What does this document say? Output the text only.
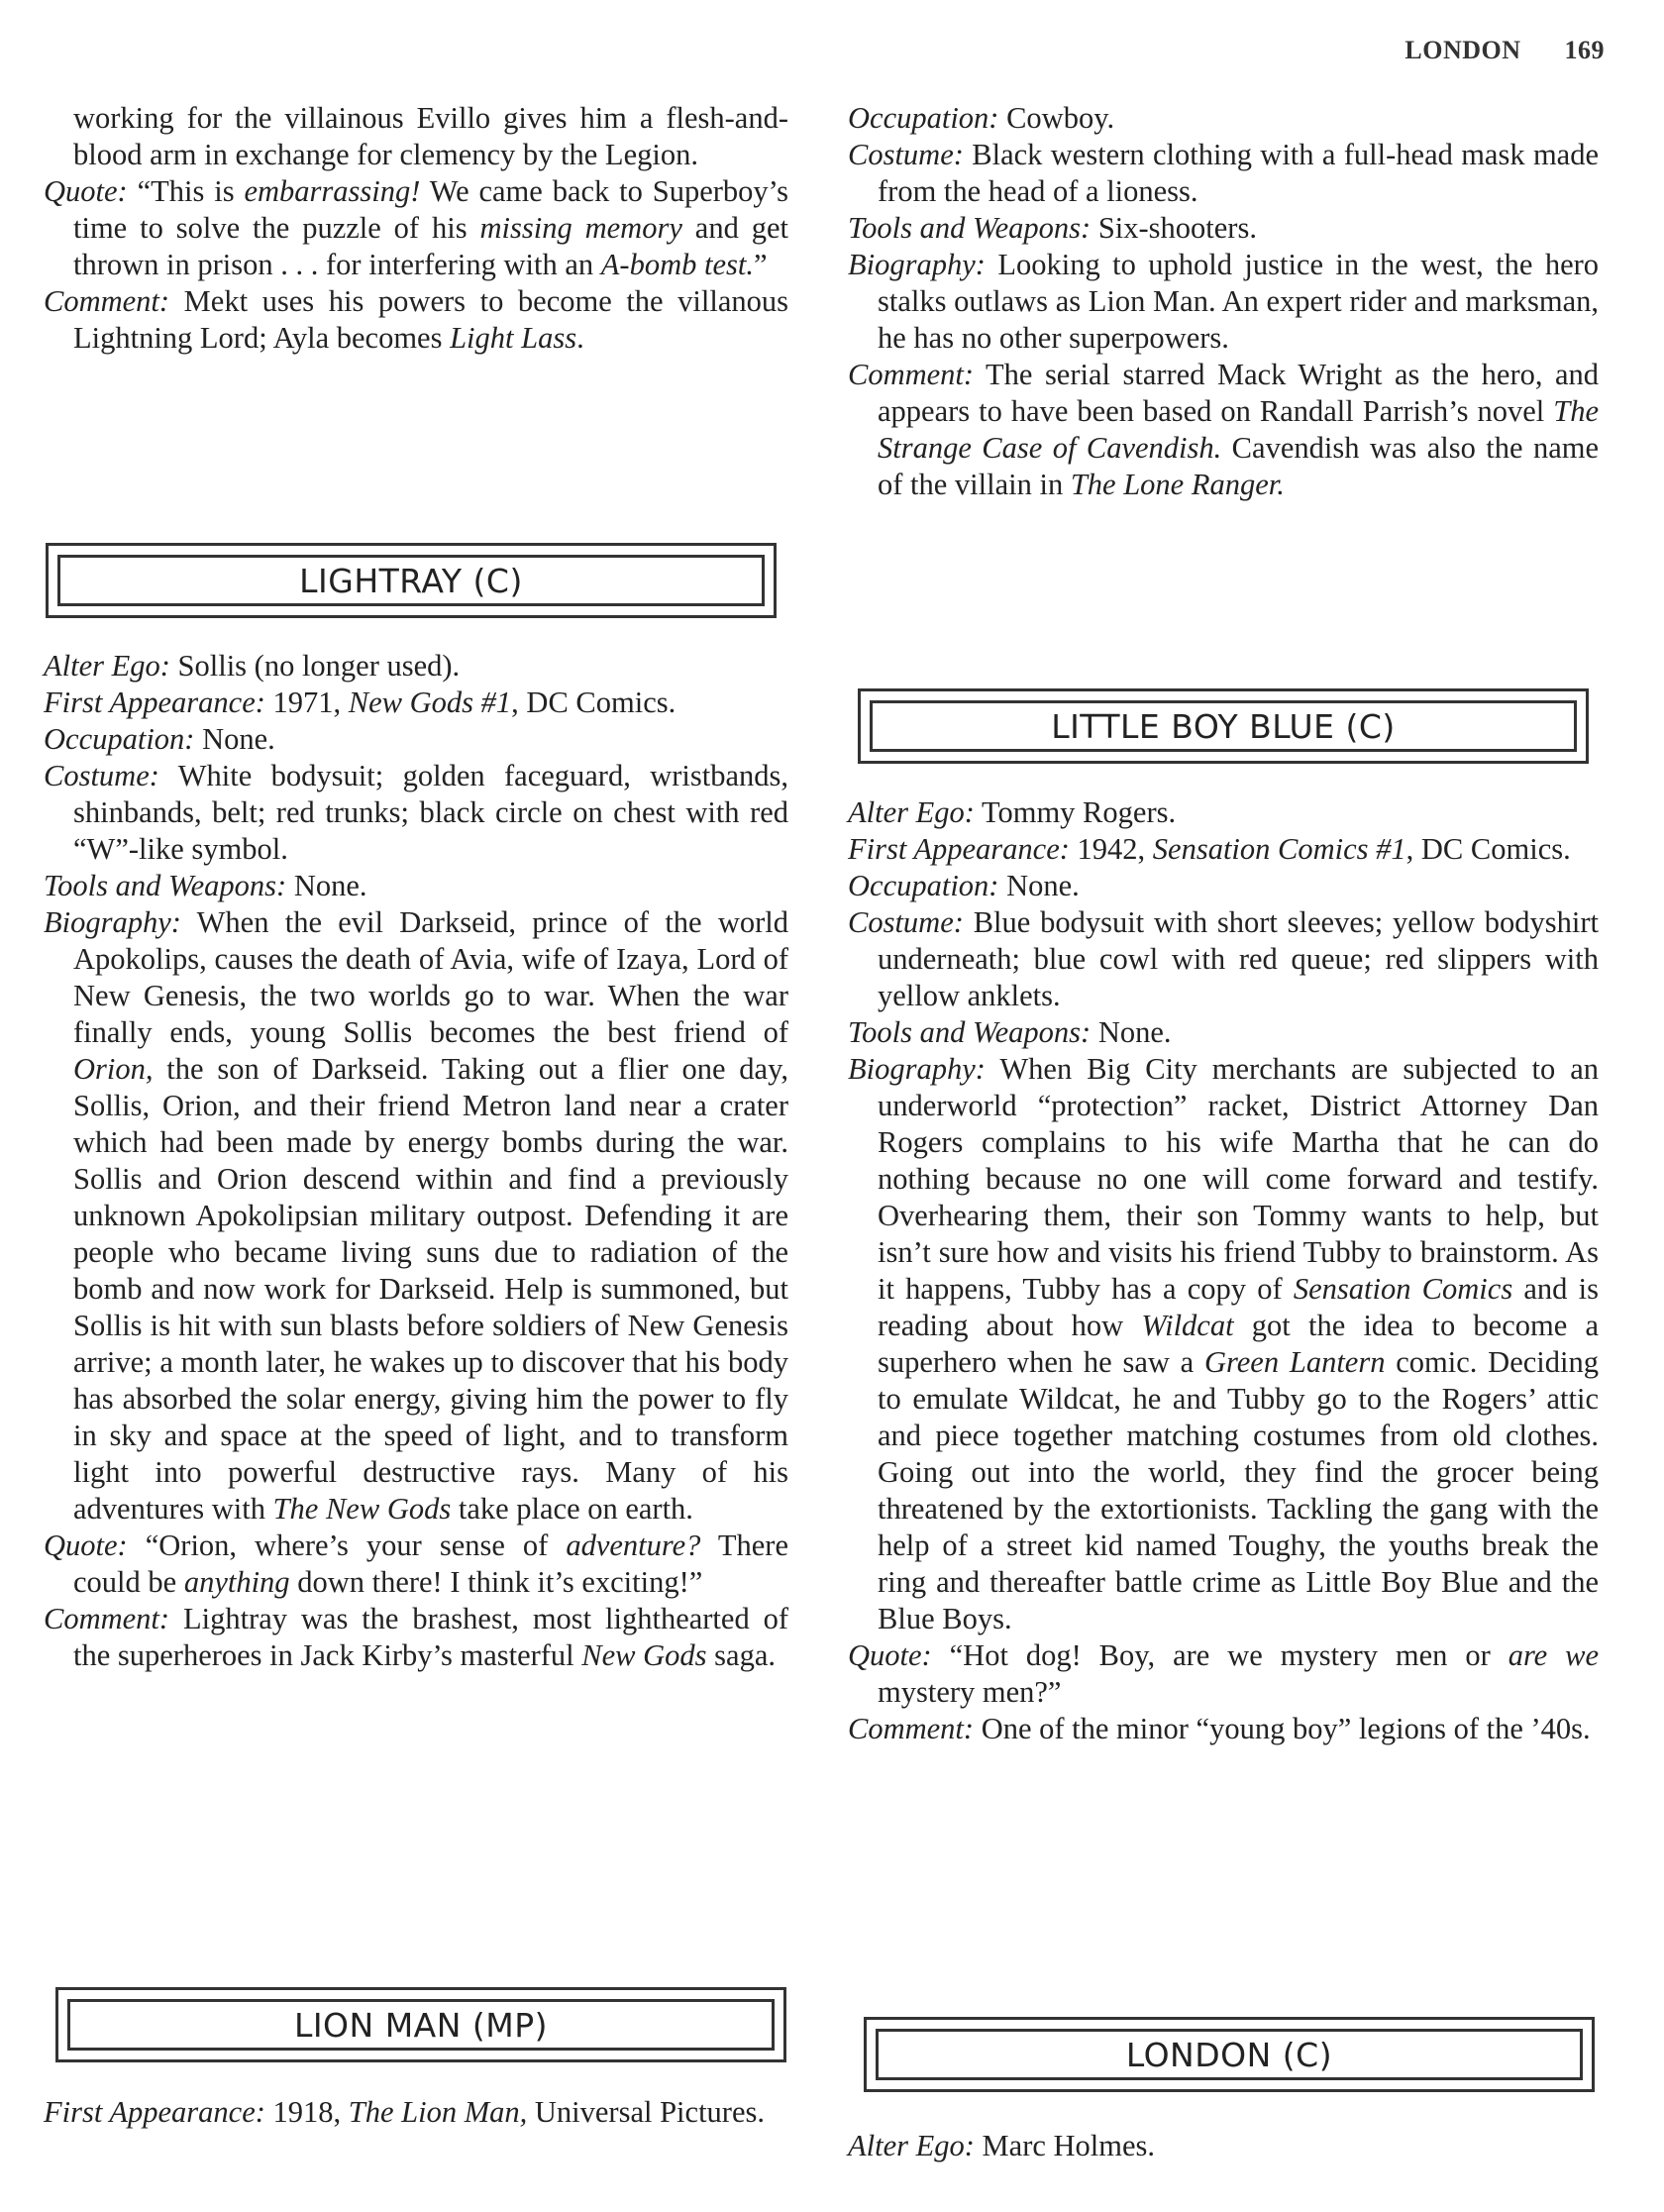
LONDON 169
working for the villainous Evillo gives him a flesh-and-blood arm in exchange for clemency by the Legion.
Quote: “This is embarrassing! We came back to Superboy’s time to solve the puzzle of his missing memory and get thrown in prison . . . for interfering with an A-bomb test.”
Comment: Mekt uses his powers to become the villanous Lightning Lord; Ayla becomes Light Lass.
LIGHTRAY (C)
Alter Ego: Sollis (no longer used).
First Appearance: 1971, New Gods #1, DC Comics.
Occupation: None.
Costume: White bodysuit; golden faceguard, wristbands, shinbands, belt; red trunks; black circle on chest with red “W”-like symbol.
Tools and Weapons: None.
Biography: When the evil Darkseid, prince of the world Apokolips, causes the death of Avia, wife of Izaya, Lord of New Genesis, the two worlds go to war. When the war finally ends, young Sollis becomes the best friend of Orion, the son of Darkseid. Taking out a flier one day, Sollis, Orion, and their friend Metron land near a crater which had been made by energy bombs during the war. Sollis and Orion descend within and find a previously unknown Apokolipsian military outpost. Defending it are people who became living suns due to radiation of the bomb and now work for Darkseid. Help is summoned, but Sollis is hit with sun blasts before soldiers of New Genesis arrive; a month later, he wakes up to discover that his body has absorbed the solar energy, giving him the power to fly in sky and space at the speed of light, and to transform light into powerful destructive rays. Many of his adventures with The New Gods take place on earth.
Quote: “Orion, where’s your sense of adventure? There could be anything down there! I think it’s exciting!”
Comment: Lightray was the brashest, most lighthearted of the superheroes in Jack Kirby’s masterful New Gods saga.
LION MAN (MP)
First Appearance: 1918, The Lion Man, Universal Pictures.
Occupation: Cowboy.
Costume: Black western clothing with a full-head mask made from the head of a lioness.
Tools and Weapons: Six-shooters.
Biography: Looking to uphold justice in the west, the hero stalks outlaws as Lion Man. An expert rider and marksman, he has no other superpowers.
Comment: The serial starred Mack Wright as the hero, and appears to have been based on Randall Parrish’s novel The Strange Case of Cavendish. Cavendish was also the name of the villain in The Lone Ranger.
LITTLE BOY BLUE (C)
Alter Ego: Tommy Rogers.
First Appearance: 1942, Sensation Comics #1, DC Comics.
Occupation: None.
Costume: Blue bodysuit with short sleeves; yellow bodyshirt underneath; blue cowl with red queue; red slippers with yellow anklets.
Tools and Weapons: None.
Biography: When Big City merchants are subjected to an underworld “protection” racket, District Attorney Dan Rogers complains to his wife Martha that he can do nothing because no one will come forward and testify. Overhearing them, their son Tommy wants to help, but isn’t sure how and visits his friend Tubby to brainstorm. As it happens, Tubby has a copy of Sensation Comics and is reading about how Wildcat got the idea to become a superhero when he saw a Green Lantern comic. Deciding to emulate Wildcat, he and Tubby go to the Rogers’ attic and piece together matching costumes from old clothes. Going out into the world, they find the grocer being threatened by the extortionists. Tackling the gang with the help of a street kid named Toughy, the youths break the ring and thereafter battle crime as Little Boy Blue and the Blue Boys.
Quote: “Hot dog! Boy, are we mystery men or are we mystery men?”
Comment: One of the minor “young boy” legions of the ’40s.
LONDON (C)
Alter Ego: Marc Holmes.
